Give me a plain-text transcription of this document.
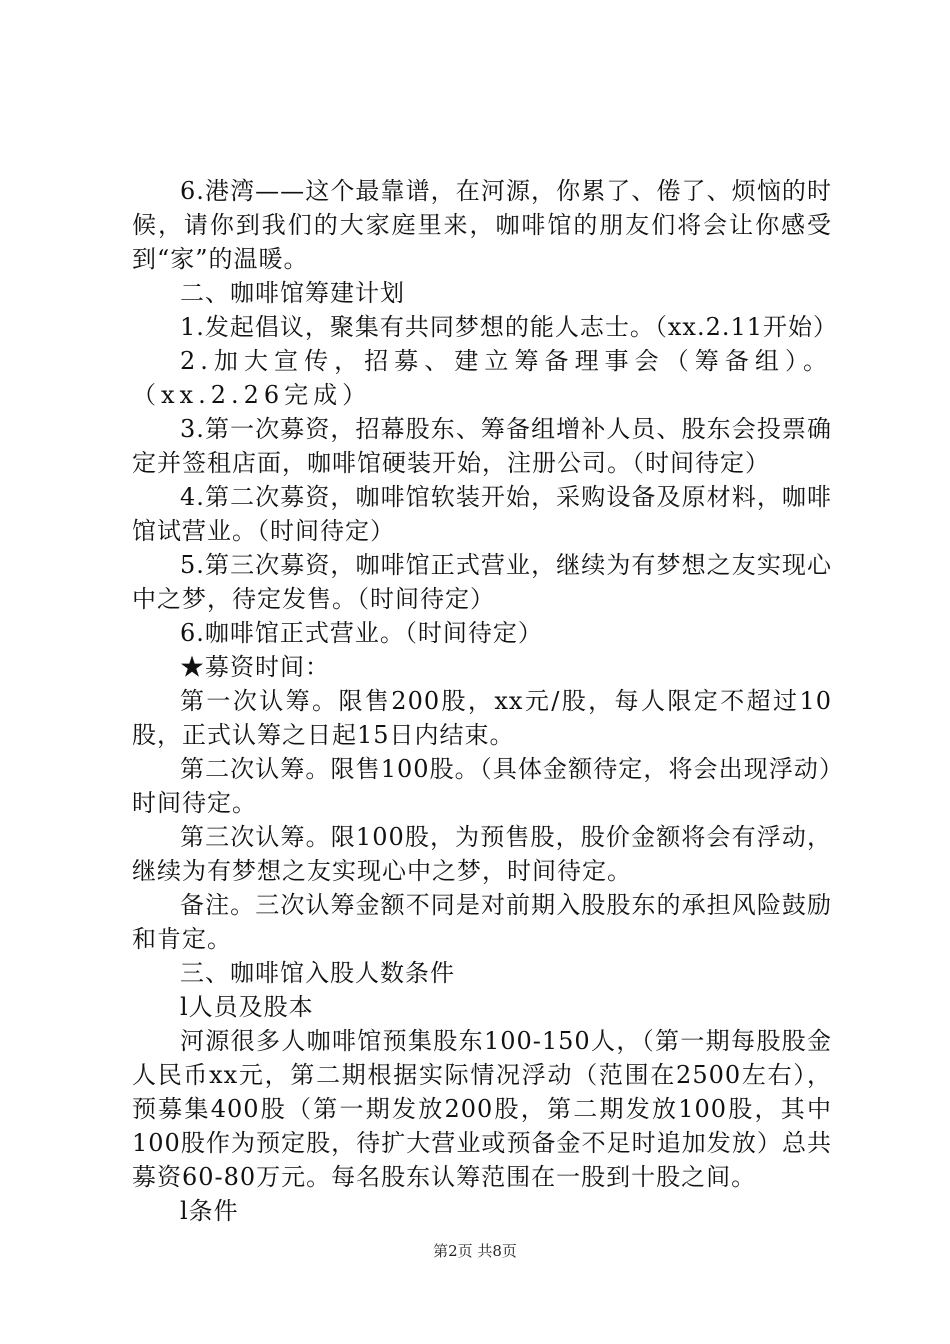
6.港湾——这个最靠谱，在河源，你累了、倦了、烦恼的时候，请你到我们的大家庭里来，咖啡馆的朋友们将会让你感受到“家”的温暖。

二、咖啡馆筹建计划

1.发起倡议，聚集有共同梦想的能人志士。（xx.2.11开始）

2.加大宣传，招募、建立筹备理事会（筹备组）。（xx.2.26完成）

3.第一次募资，招幕股东、筹备组增补人员、股东会投票确定并签租店面，咖啡馆硬装开始，注册公司。（时间待定）

4.第二次募资，咖啡馆软装开始，采购设备及原材料，咖啡馆试营业。（时间待定）

5.第三次募资，咖啡馆正式营业，继续为有梦想之友实现心中之梦，待定发售。（时间待定）

6.咖啡馆正式营业。（时间待定）

★募资时间：

第一次认筹。限售200股，xx元/股，每人限定不超过10股，正式认筹之日起15日内结束。

第二次认筹。限售100股。（具体金额待定，将会出现浮动）时间待定。

第三次认筹。限100股，为预售股，股价金额将会有浮动，继续为有梦想之友实现心中之梦，时间待定。

备注。三次认筹金额不同是对前期入股股东的承担风险鼓励和肯定。

三、咖啡馆入股人数条件

l人员及股本

河源很多人咖啡馆预集股东100-150人，（第一期每股股金人民币xx元，第二期根据实际情况浮动（范围在2500左右），预募集400股（第一期发放200股，第二期发放100股，其中100股作为预定股，待扩大营业或预备金不足时追加发放）总共募资60-80万元。每名股东认筹范围在一股到十股之间。

l条件

第2页 共8页
